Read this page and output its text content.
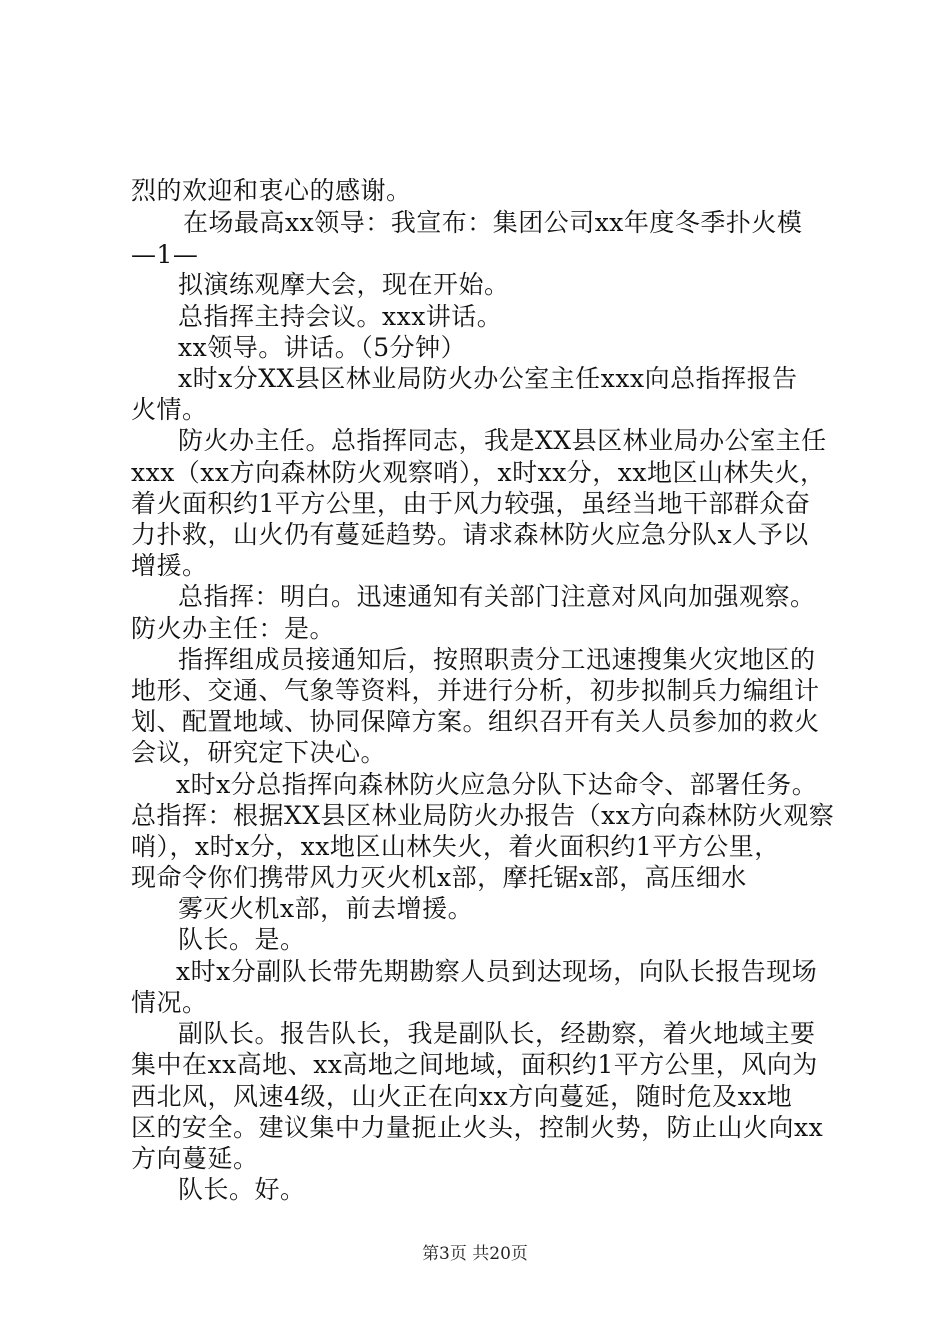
烈的欢迎和衷心的感谢。
在场最高xx领导：我宣布：集团公司xx年度冬季扑火模
—1—
拟演练观摩大会，现在开始。
总指挥主持会议。xxx讲话。
xx领导。讲话。（5分钟）
x时x分XX县区林业局防火办公室主任xxx向总指挥报告
火情。
防火办主任。总指挥同志，我是XX县区林业局办公室主任
xxx（xx方向森林防火观察哨），x时xx分，xx地区山林失火，
着火面积约1平方公里，由于风力较强，虽经当地干部群众奋
力扑救，山火仍有蔓延趋势。请求森林防火应急分队x人予以
增援。
总指挥：明白。迅速通知有关部门注意对风向加强观察。
防火办主任：是。
指挥组成员接通知后，按照职责分工迅速搜集火灾地区的
地形、交通、气象等资料，并进行分析，初步拟制兵力编组计
划、配置地域、协同保障方案。组织召开有关人员参加的救火
会议，研究定下决心。
x时x分总指挥向森林防火应急分队下达命令、部署任务。
总指挥：根据XX县区林业局防火办报告（xx方向森林防火观察
哨），x时x分，xx地区山林失火，着火面积约1平方公里，
现命令你们携带风力灭火机x部，摩托锯x部，高压细水
雾灭火机x部，前去增援。
队长。是。
x时x分副队长带先期勘察人员到达现场，向队长报告现场
情况。
副队长。报告队长，我是副队长，经勘察，着火地域主要
集中在xx高地、xx高地之间地域，面积约1平方公里，风向为
西北风，风速4级，山火正在向xx方向蔓延，随时危及xx地
区的安全。建议集中力量扼止火头，控制火势，防止山火向xx
方向蔓延。
队长。好。
第3页 共20页
